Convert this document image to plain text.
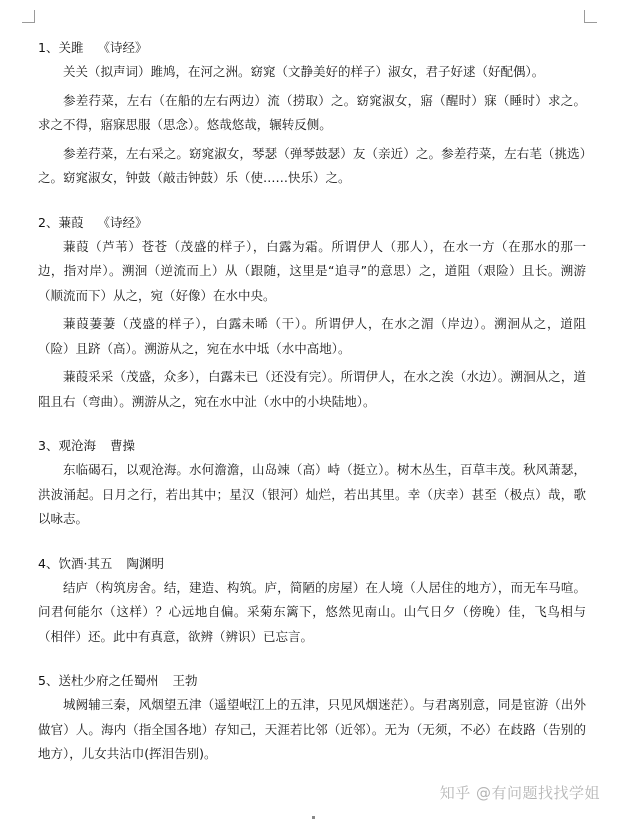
1、关雎 《诗经》
关关（拟声词）雎鸠，在河之洲。窈窕（文静美好的样子）淑女，君子好逑（好配偶）。
参差荇菜，左右（在船的左右两边）流（捞取）之。窈窕淑女，寤（醒时）寐（睡时）求之。求之不得，寤寐思服（思念）。悠哉悠哉，辗转反侧。
参差荇菜，左右采之。窈窕淑女，琴瑟（弹琴鼓瑟）友（亲近）之。参差荇菜，左右芼（挑选）之。窈窕淑女，钟鼓（敲击钟鼓）乐（使……快乐）之。
2、蒹葭 《诗经》
蒹葭（芦苇）苍苍（茂盛的样子），白露为霜。所谓伊人（那人），在水一方（在那水的那一边，指对岸）。溯洄（逆流而上）从（跟随，这里是“追寻”的意思）之，道阻（艰险）且长。溯游（顺流而下）从之，宛（好像）在水中央。
蒹葭萋萋（茂盛的样子），白露未晞（干）。所谓伊人，在水之湄（岸边）。溯洄从之，道阻（险）且跻（高）。溯游从之，宛在水中坻（水中高地）。
蒹葭采采（茂盛，众多），白露未已（还没有完）。所谓伊人，在水之涘（水边）。溯洄从之，道阻且右（弯曲）。溯游从之，宛在水中沚（水中的小块陆地）。
3、观沧海 曹操
东临碣石，以观沧海。水何澹澹，山岛竦（高）峙（挺立）。树木丛生，百草丰茂。秋风萧瑟，洪波涌起。日月之行，若出其中；星汉（银河）灿烂，若出其里。幸（庆幸）甚至（极点）哉，歌以咏志。
4、饮酒·其五 陶渊明
结庐（构筑房舍。结，建造、构筑。庐，简陋的房屋）在人境（人居住的地方），而无车马喧。问君何能尔（这样）？心远地自偏。采菊东篱下，悠然见南山。山气日夕（傍晚）佳，飞鸟相与（相伴）还。此中有真意，欲辨（辨识）已忘言。
5、送杜少府之任蜀州 王勃
城阙辅三秦，风烟望五津（遥望岷江上的五津，只见风烟迷茫）。与君离别意，同是宦游（出外做官）人。海内（指全国各地）存知己，天涯若比邻（近邻）。无为（无须，不必）在歧路（告别的地方），儿女共沾巾(挥泪告别)。
知乎 @有问题找找学姐
